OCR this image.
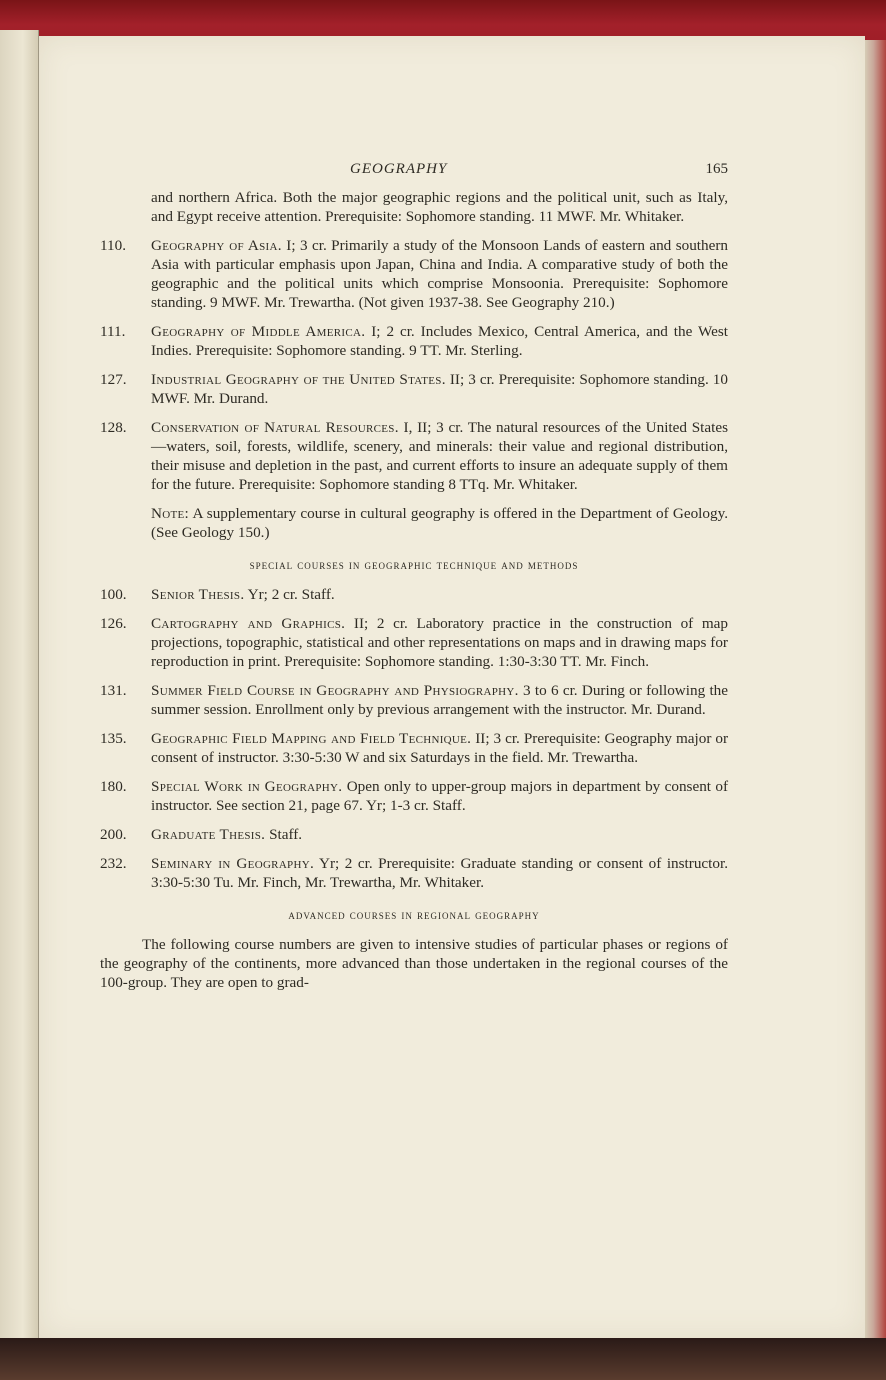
GEOGRAPHY	165

and northern Africa. Both the major geographic regions and the political unit, such as Italy, and Egypt receive attention. Prerequisite: Sophomore standing. 11 MWF. Mr. Whitaker.

110.	Geography of Asia. I; 3 cr. Primarily a study of the Monsoon Lands of eastern and southern Asia with particular emphasis upon Japan, China and India. A comparative study of both the geographic and the political units which comprise Monsoonia. Prerequisite: Sophomore standing. 9 MWF. Mr. Trewartha. (Not given 1937-38. See Geography 210.)
111.	Geography of Middle America. I; 2 cr. Includes Mexico, Central America, and the West Indies. Prerequisite: Sophomore standing. 9 TT. Mr. Sterling.
127.	Industrial Geography of the United States. II; 3 cr. Prerequisite: Sophomore standing. 10 MWF. Mr. Durand.
128.	Conservation of Natural Resources. I, II; 3 cr. The natural resources of the United States—waters, soil, forests, wildlife, scenery, and minerals: their value and regional distribution, their misuse and depletion in the past, and current efforts to insure an adequate supply of them for the future. Prerequisite: Sophomore standing 8 TTq. Mr. Whitaker.

Note: A supplementary course in cultural geography is offered in the Department of Geology. (See Geology 150.)

special courses in geographic technique and methods
100.	Senior Thesis. Yr; 2 cr. Staff.
126.	Cartography and Graphics. II; 2 cr. Laboratory practice in the construction of map projections, topographic, statistical and other representations on maps and in drawing maps for reproduction in print. Prerequisite: Sophomore standing. 1:30-3:30 TT. Mr. Finch.
131.	Summer Field Course in Geography and Physiography. 3 to 6 cr. During or following the summer session. Enrollment only by previous arrangement with the instructor. Mr. Durand.
135.	Geographic Field Mapping and Field Technique. II; 3 cr. Prerequisite: Geography major or consent of instructor. 3:30-5:30 W and six Saturdays in the field. Mr. Trewartha.
180.	Special Work in Geography. Open only to upper-group majors in department by consent of instructor. See section 21, page 67. Yr; 1-3 cr. Staff.
200.	Graduate Thesis. Staff.
232.	Seminary in Geography. Yr; 2 cr. Prerequisite: Graduate standing or consent of instructor. 3:30-5:30 Tu. Mr. Finch, Mr. Trewartha, Mr. Whitaker.
advanced courses in regional geography

The following course numbers are given to intensive studies of particular phases or regions of the geography of the continents, more advanced than those undertaken in the regional courses of the 100-group. They are open to grad-
